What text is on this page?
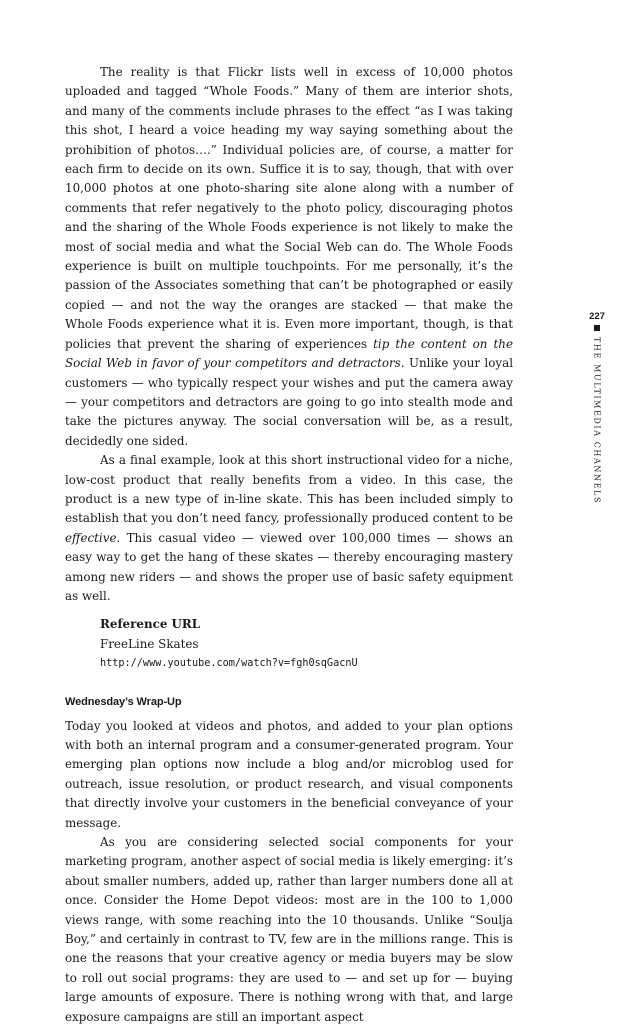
The reality is that Flickr lists well in excess of 10,000 photos uploaded and tagged “Whole Foods.” Many of them are interior shots, and many of the comments include phrases to the effect “as I was taking this shot, I heard a voice heading my way saying something about the prohibition of photos….” Individual policies are, of course, a matter for each firm to decide on its own. Suffice it is to say, though, that with over 10,000 photos at one photo-sharing site alone along with a number of comments that refer negatively to the photo policy, discouraging photos and the sharing of the Whole Foods experience is not likely to make the most of social media and what the Social Web can do. The Whole Foods experience is built on multiple touchpoints. For me personally, it’s the passion of the Associates something that can’t be photographed or easily copied — and not the way the oranges are stacked — that make the Whole Foods experience what it is. Even more important, though, is that policies that prevent the sharing of experiences tip the content on the Social Web in favor of your competitors and detractors. Unlike your loyal customers — who typically respect your wishes and put the camera away — your competitors and detractors are going to go into stealth mode and take the pictures anyway. The social conversation will be, as a result, decidedly one sided.

As a final example, look at this short instructional video for a niche, low-cost product that really benefits from a video. In this case, the product is a new type of in-line skate. This has been included simply to establish that you don’t need fancy, professionally produced content to be effective. This casual video — viewed over 100,000 times — shows an easy way to get the hang of these skates — thereby encouraging mastery among new riders — and shows the proper use of basic safety equipment as well.

Reference URL
FreeLine Skates
http://www.youtube.com/watch?v=fgh0sqGacnU
Wednesday’s Wrap-Up

Today you looked at videos and photos, and added to your plan options with both an internal program and a consumer-generated program. Your emerging plan options now include a blog and/or microblog used for outreach, issue resolution, or product research, and visual components that directly involve your customers in the beneficial conveyance of your message.

As you are considering selected social components for your marketing program, another aspect of social media is likely emerging: it’s about smaller numbers, added up, rather than larger numbers done all at once. Consider the Home Depot videos: most are in the 100 to 1,000 views range, with some reaching into the 10 thousands. Unlike “Soulja Boy,” and certainly in contrast to TV, few are in the millions range. This is one the reasons that your creative agency or media buyers may be slow to roll out social programs: they are used to — and set up for — buying large amounts of exposure. There is nothing wrong with that, and large exposure campaigns are still an important aspect

227
THE MULTIMEDIA CHANNELS
